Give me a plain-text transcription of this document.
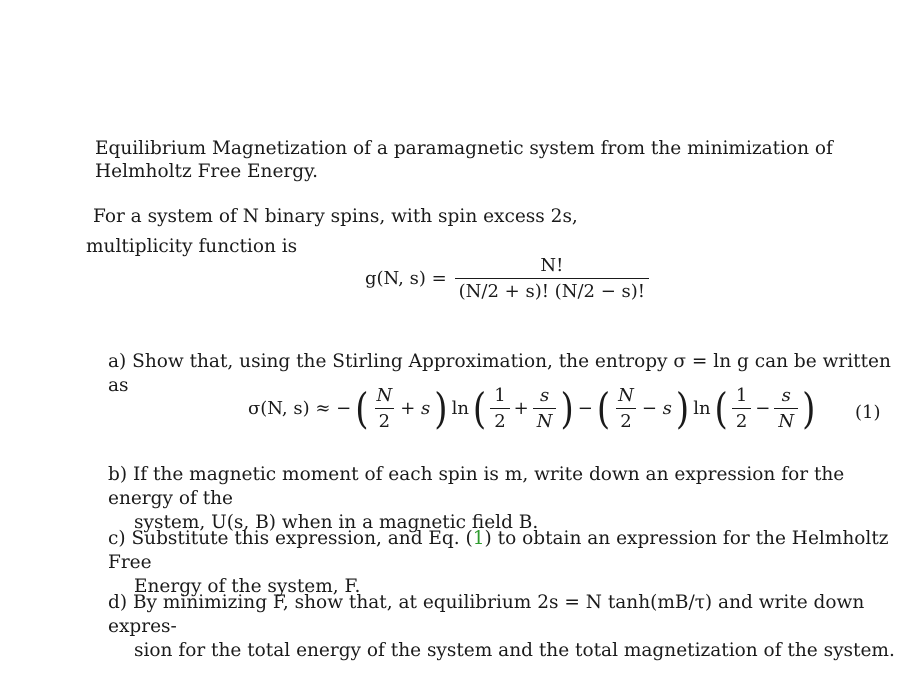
Equilibrium Magnetization of a paramagnetic system from the minimization of Helmholtz Free Energy.
For a system of N binary spins, with spin excess 2s,
multiplicity function is
g(N, $s) = \frac{N!}{(N/2 + s)! (N/2 - s)!}$
a) Show that, using the Stirling Approximation, the entropy σ = ln g can be written as
σ(N, s) ≈ − ( $\frac{N}{2} + s$ ) ln ( $\frac{1}{2} + \frac{s}{N}$ ) − ( $\frac{N}{2} - s$ ) ln ( $\frac{1}{2} - \frac{s}{N}$ ) (1)
b) If the magnetic moment of each spin is m, write down an expression for the energy of the
system, U(s, B) when in a magnetic field B.
c) Substitute this expression, and Eq. (1) to obtain an expression for the Helmholtz Free
Energy of the system, F.
d) By minimizing F, show that, at equilibrium 2s = N tanh(mB/τ) and write down expres-
sion for the total energy of the system and the total magnetization of the system.
